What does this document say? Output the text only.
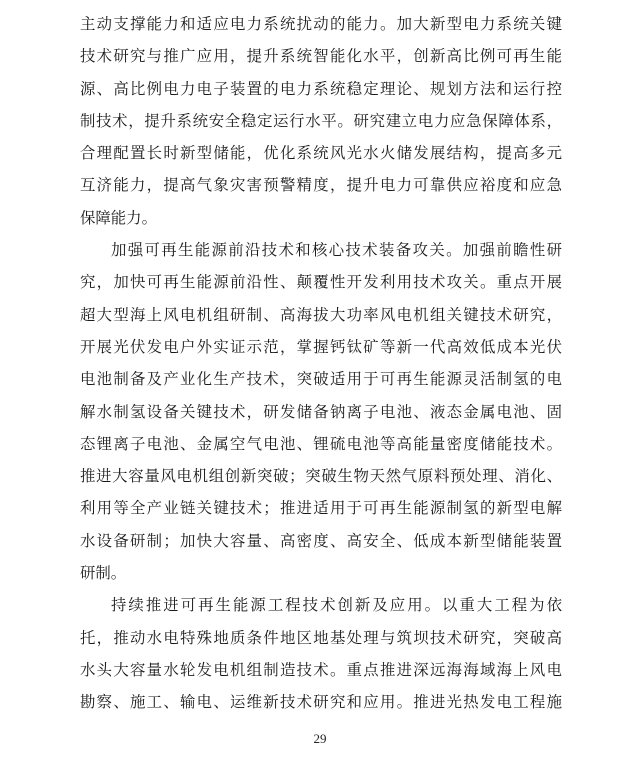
主动支撑能力和适应电力系统扰动的能力。加大新型电力系统关键
技术研究与推广应用，提升系统智能化水平，创新高比例可再生能
源、高比例电力电子装置的电力系统稳定理论、规划方法和运行控
制技术，提升系统安全稳定运行水平。研究建立电力应急保障体系，
合理配置长时新型储能，优化系统风光水火储发展结构，提高多元
互济能力，提高气象灾害预警精度，提升电力可靠供应裕度和应急
保障能力。
加强可再生能源前沿技术和核心技术装备攻关。加强前瞻性研
究，加快可再生能源前沿性、颠覆性开发利用技术攻关。重点开展
超大型海上风电机组研制、高海拔大功率风电机组关键技术研究，
开展光伏发电户外实证示范，掌握钙钛矿等新一代高效低成本光伏
电池制备及产业化生产技术，突破适用于可再生能源灵活制氢的电
解水制氢设备关键技术，研发储备钠离子电池、液态金属电池、固
态锂离子电池、金属空气电池、锂硫电池等高能量密度储能技术。
推进大容量风电机组创新突破；突破生物天然气原料预处理、消化、
利用等全产业链关键技术；推进适用于可再生能源制氢的新型电解
水设备研制；加快大容量、高密度、高安全、低成本新型储能装置
研制。
持续推进可再生能源工程技术创新及应用。以重大工程为依
托，推动水电特殊地质条件地区地基处理与筑坝技术研究，突破高
水头大容量水轮发电机组制造技术。重点推进深远海海域海上风电
勘察、施工、输电、运维新技术研究和应用。推进光热发电工程施
29
